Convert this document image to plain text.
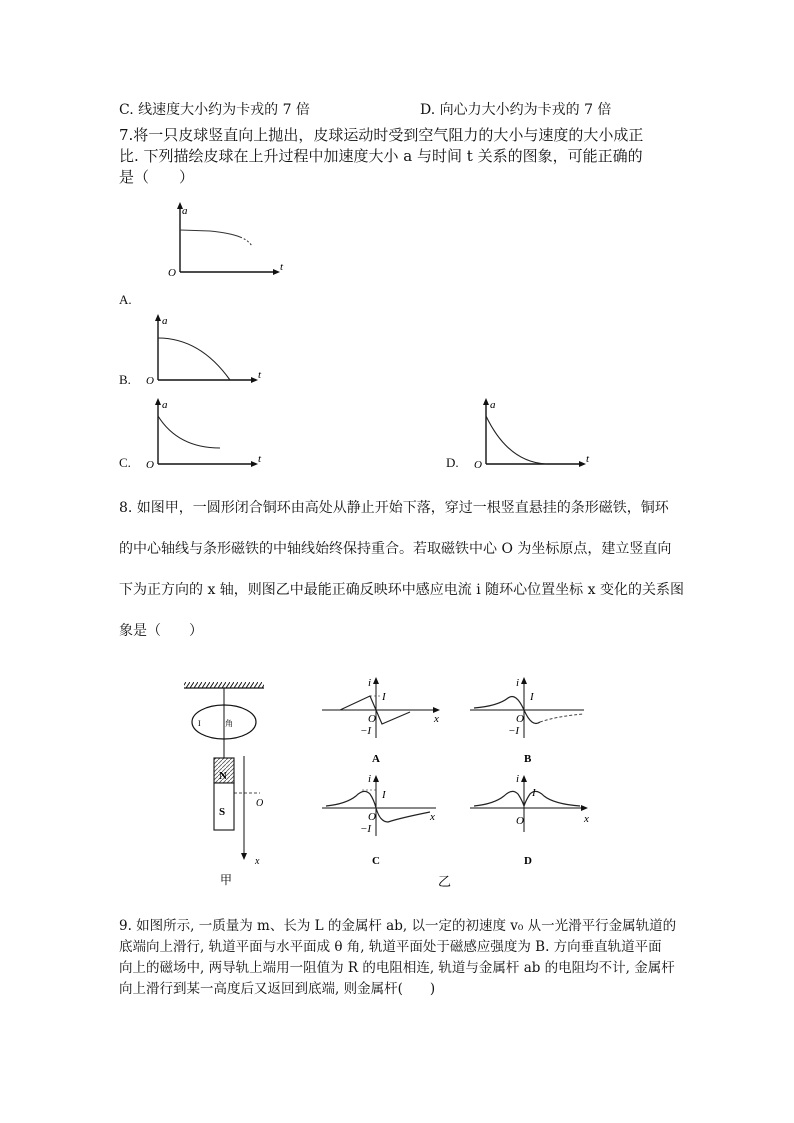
C. 线速度大小约为卡戎的 7 倍	D. 向心力大小约为卡戎的 7 倍
7.将一只皮球竖直向上抛出，皮球运动时受到空气阻力的大小与速度的大小成正
比. 下列描绘皮球在上升过程中加速度大小 a 与时间 t 关系的图象，可能正确的
是（　　）
a
t
O
A.
a
t
O
B.
a
t
O
C.
a
t
O
D.
8. 如图甲，一圆形闭合铜环由高处从静止开始下落，穿过一根竖直悬挂的条形磁铁，铜环
的中心轴线与条形磁铁的中轴线始终保持重合。若取磁铁中心 O 为坐标原点，建立竖直向
下为正方向的 x 轴，则图乙中最能正确反映环中感应电流 i 随环心位置坐标 x 变化的关系图
象是（　　）
I	角
N
S
O
x
甲
i
I
O	x
−I
A
i
I
O
−I
B
i
I
O	x
−I
C
i
I
O	x
D
乙
9. 如图所示, 一质量为 m、长为 L 的金属杆 ab, 以一定的初速度 v₀ 从一光滑平行金属轨道的
底端向上滑行, 轨道平面与水平面成 θ 角, 轨道平面处于磁感应强度为 B. 方向垂直轨道平面
向上的磁场中, 两导轨上端用一阻值为 R 的电阻相连, 轨道与金属杆 ab 的电阻均不计, 金属杆
向上滑行到某一高度后又返回到底端, 则金属杆(　　)
